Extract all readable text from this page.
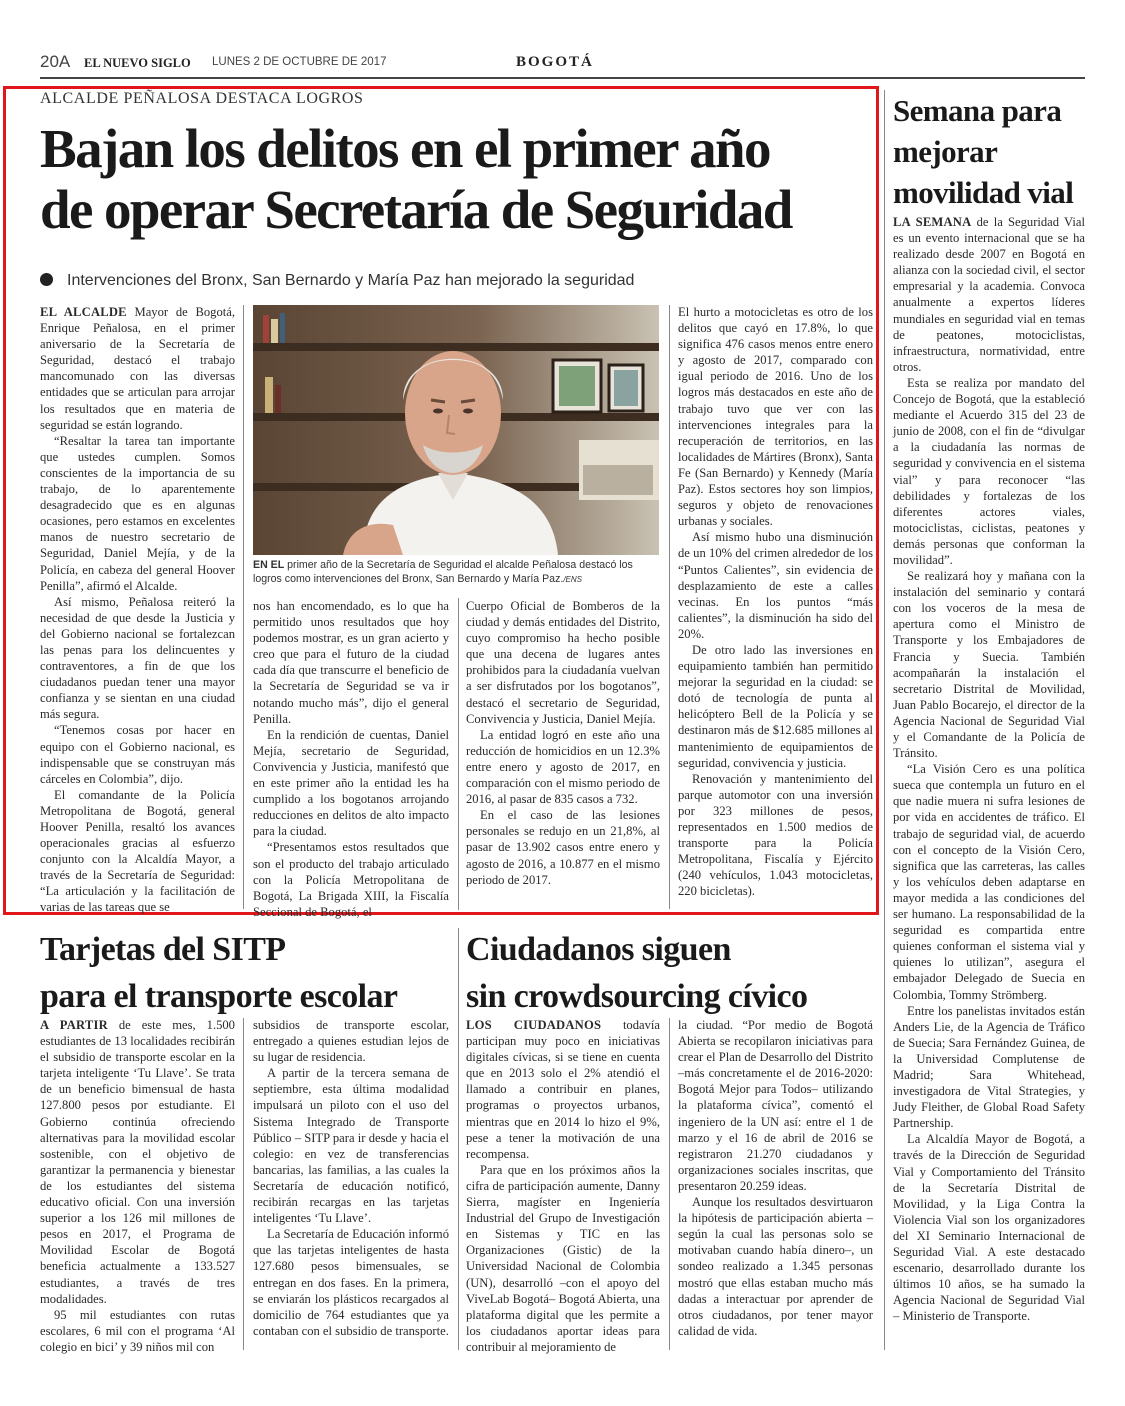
20A EL NUEVO SIGLO LUNES 2 DE OCTUBRE DE 2017	BOGOTÁ
ALCALDE PEÑALOSA DESTACA LOGROS
Bajan los delitos en el primer año
de operar Secretaría de Seguridad
Intervenciones del Bronx, San Bernardo y María Paz han mejorado la seguridad
EN EL primer año de la Secretaría de Seguridad el alcalde Peñalosa destacó los logros como intervenciones del Bronx, San Bernardo y María Paz./ENS

EL ALCALDE Mayor de Bogotá, Enrique Peñalosa, en el primer aniversario de la Secretaría de Seguridad, destacó el trabajo mancomunado con las diversas entidades que se articulan para arrojar los resultados que en materia de seguridad se están logrando.

“Resaltar la tarea tan importante que ustedes cumplen. Somos conscientes de la importancia de su trabajo, de lo aparentemente desagradecido que es en algunas ocasiones, pero estamos en excelentes manos de nuestro secretario de Seguridad, Daniel Mejía, y de la Policía, en cabeza del general Hoover Penilla”, afirmó el Alcalde.

Así mismo, Peñalosa reiteró la necesidad de que desde la Justicia y del Gobierno nacional se fortalezcan las penas para los delincuentes y contraventores, a fin de que los ciudadanos puedan tener una mayor confianza y se sientan en una ciudad más segura.

“Tenemos cosas por hacer en equipo con el Gobierno nacional, es indispensable que se construyan más cárceles en Colombia”, dijo.

El comandante de la Policía Metropolitana de Bogotá, general Hoover Penilla, resaltó los avances operacionales gracias al esfuerzo conjunto con la Alcaldía Mayor, a través de la Secretaría de Seguridad: “La articulación y la facilitación de varias de las tareas que se

nos han encomendado, es lo que ha permitido unos resultados que hoy podemos mostrar, es un gran acierto y creo que para el futuro de la ciudad cada día que transcurre el beneficio de la Secretaría de Seguridad se va ir notando mucho más”, dijo el general Penilla.

En la rendición de cuentas, Daniel Mejía, secretario de Seguridad, Convivencia y Justicia, manifestó que en este primer año la entidad les ha cumplido a los bogotanos arrojando reducciones en delitos de alto impacto para la ciudad.

“Presentamos estos resultados que son el producto del trabajo articulado con la Policía Metropolitana de Bogotá, La Brigada XIII, la Fiscalía Seccional de Bogotá, el

Cuerpo Oficial de Bomberos de la ciudad y demás entidades del Distrito, cuyo compromiso ha hecho posible que una decena de lugares antes prohibidos para la ciudadanía vuelvan a ser disfrutados por los bogotanos”, destacó el secretario de Seguridad, Convivencia y Justicia, Daniel Mejía.

La entidad logró en este año una reducción de homicidios en un 12.3% entre enero y agosto de 2017, en comparación con el mismo periodo de 2016, al pasar de 835 casos a 732.

En el caso de las lesiones personales se redujo en un 21,8%, al pasar de 13.902 casos entre enero y agosto de 2016, a 10.877 en el mismo periodo de 2017.

El hurto a motocicletas es otro de los delitos que cayó en 17.8%, lo que significa 476 casos menos entre enero y agosto de 2017, comparado con igual periodo de 2016. Uno de los logros más destacados en este año de trabajo tuvo que ver con las intervenciones integrales para la recuperación de territorios, en las localidades de Mártires (Bronx), Santa Fe (San Bernardo) y Kennedy (María Paz). Estos sectores hoy son limpios, seguros y objeto de renovaciones urbanas y sociales.

Así mismo hubo una disminución de un 10% del crimen alrededor de los “Puntos Calientes”, sin evidencia de desplazamiento de este a calles vecinas. En los puntos “más calientes”, la disminución ha sido del 20%.

De otro lado las inversiones en equipamiento también han permitido mejorar la seguridad en la ciudad: se dotó de tecnología de punta al helicóptero Bell de la Policía y se destinaron más de $12.685 millones al mantenimiento de equipamientos de seguridad, convivencia y justicia.

Renovación y mantenimiento del parque automotor con una inversión por 323 millones de pesos, representados en 1.500 medios de transporte para la Policía Metropolitana, Fiscalía y Ejército (240 vehículos, 1.043 motocicletas, 220 bicicletas).

Semana para mejorar movilidad vial

LA SEMANA de la Seguridad Vial es un evento internacional que se ha realizado desde 2007 en Bogotá en alianza con la sociedad civil, el sector empresarial y la academia. Convoca anualmente a expertos líderes mundiales en seguridad vial en temas de peatones, motociclistas, infraestructura, normatividad, entre otros.

Esta se realiza por mandato del Concejo de Bogotá, que la estableció mediante el Acuerdo 315 del 23 de junio de 2008, con el fin de “divulgar a la ciudadanía las normas de seguridad y convivencia en el sistema vial” y para reconocer “las debilidades y fortalezas de los diferentes actores viales, motociclistas, ciclistas, peatones y demás personas que conforman la movilidad”.

Se realizará hoy y mañana con la instalación del seminario y contará con los voceros de la mesa de apertura como el Ministro de Transporte y los Embajadores de Francia y Suecia. También acompañarán la instalación el secretario Distrital de Movilidad, Juan Pablo Bocarejo, el director de la Agencia Nacional de Seguridad Vial y el Comandante de la Policía de Tránsito.

“La Visión Cero es una política sueca que contempla un futuro en el que nadie muera ni sufra lesiones de por vida en accidentes de tráfico. El trabajo de seguridad vial, de acuerdo con el concepto de la Visión Cero, significa que las carreteras, las calles y los vehículos deben adaptarse en mayor medida a las condiciones del ser humano. La responsabilidad de la seguridad es compartida entre quienes conforman el sistema vial y quienes lo utilizan”, asegura el embajador Delegado de Suecia en Colombia, Tommy Strömberg.

Entre los panelistas invitados están Anders Lie, de la Agencia de Tráfico de Suecia; Sara Fernández Guinea, de la Universidad Complutense de Madrid; Sara Whitehead, investigadora de Vital Strategies, y Judy Fleither, de Global Road Safety Partnership.

La Alcaldía Mayor de Bogotá, a través de la Dirección de Seguridad Vial y Comportamiento del Tránsito de la Secretaría Distrital de Movilidad, y la Liga Contra la Violencia Vial son los organizadores del XI Seminario Internacional de Seguridad Vial. A este destacado escenario, desarrollado durante los últimos 10 años, se ha sumado la Agencia Nacional de Seguridad Vial – Ministerio de Transporte.

Tarjetas del SITP
para el transporte escolar

A PARTIR de este mes, 1.500 estudiantes de 13 localidades recibirán el subsidio de transporte escolar en la tarjeta inteligente ‘Tu Llave’. Se trata de un beneficio bimensual de hasta 127.800 pesos por estudiante. El Gobierno continúa ofreciendo alternativas para la movilidad escolar sostenible, con el objetivo de garantizar la permanencia y bienestar de los estudiantes del sistema educativo oficial. Con una inversión superior a los 126 mil millones de pesos en 2017, el Programa de Movilidad Escolar de Bogotá beneficia actualmente a 133.527 estudiantes, a través de tres modalidades.

95 mil estudiantes con rutas escolares, 6 mil con el programa ‘Al colegio en bici’ y 39 niños mil con

subsidios de transporte escolar, entregado a quienes estudian lejos de su lugar de residencia.

A partir de la tercera semana de septiembre, esta última modalidad impulsará un piloto con el uso del Sistema Integrado de Transporte Público – SITP para ir desde y hacia el colegio: en vez de transferencias bancarias, las familias, a las cuales la Secretaría de educación notificó, recibirán recargas en las tarjetas inteligentes ‘Tu Llave’.

La Secretaría de Educación informó que las tarjetas inteligentes de hasta 127.680 pesos bimensuales, se entregan en dos fases. En la primera, se enviarán los plásticos recargados al domicilio de 764 estudiantes que ya contaban con el subsidio de transporte.

Ciudadanos siguen
sin crowdsourcing cívico

LOS CIUDADANOS todavía participan muy poco en iniciativas digitales cívicas, si se tiene en cuenta que en 2013 solo el 2% atendió el llamado a contribuir en planes, programas o proyectos urbanos, mientras que en 2014 lo hizo el 9%, pese a tener la motivación de una recompensa.

Para que en los próximos años la cifra de participación aumente, Danny Sierra, magíster en Ingeniería Industrial del Grupo de Investigación en Sistemas y TIC en las Organizaciones (Gistic) de la Universidad Nacional de Colombia (UN), desarrolló –con el apoyo del ViveLab Bogotá– Bogotá Abierta, una plataforma digital que les permite a los ciudadanos aportar ideas para contribuir al mejoramiento de

la ciudad. “Por medio de Bogotá Abierta se recopilaron iniciativas para crear el Plan de Desarrollo del Distrito –más concretamente el de 2016-2020: Bogotá Mejor para Todos– utilizando la plataforma cívica”, comentó el ingeniero de la UN así: entre el 1 de marzo y el 16 de abril de 2016 se registraron 21.270 ciudadanos y organizaciones sociales inscritas, que presentaron 20.259 ideas.

Aunque los resultados desvirtuaron la hipótesis de participación abierta –según la cual las personas solo se motivaban cuando había dinero–, un sondeo realizado a 1.345 personas mostró que ellas estaban mucho más dadas a interactuar por aprender de otros ciudadanos, por tener mayor calidad de vida.
